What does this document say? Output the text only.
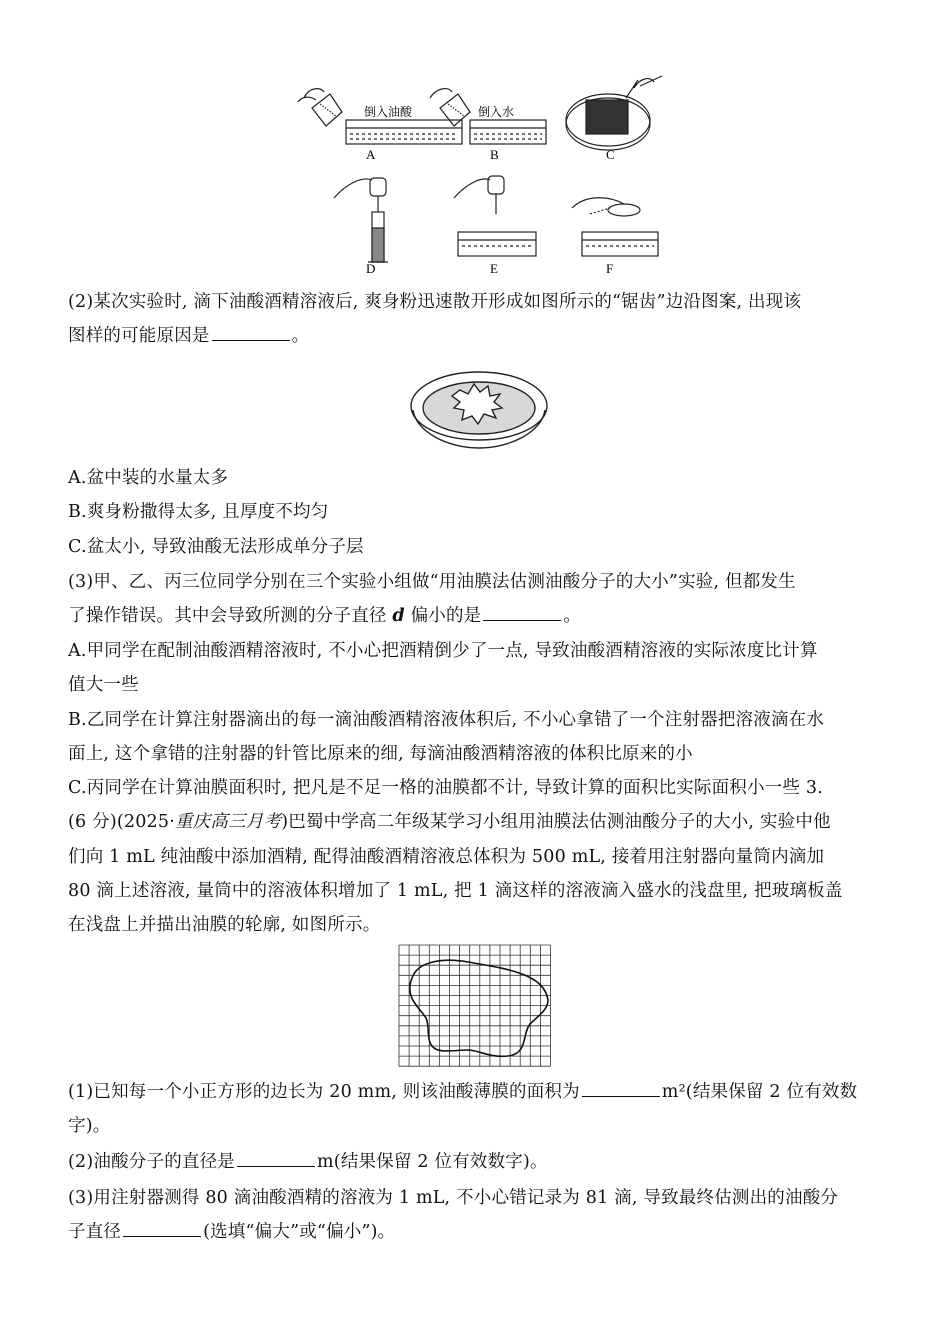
倒入油酸	倒入水
A	B	C
D	E	F
(2)某次实验时, 滴下油酸酒精溶液后, 爽身粉迅速散开形成如图所示的“锯齿”边沿图案, 出现该
图样的可能原因是	。
A.盆中装的水量太多
B.爽身粉撒得太多, 且厚度不均匀
C.盆太小, 导致油酸无法形成单分子层
(3)甲、乙、丙三位同学分别在三个实验小组做“用油膜法估测油酸分子的大小”实验, 但都发生
了操作错误。其中会导致所测的分子直径 d 偏小的是	。
A.甲同学在配制油酸酒精溶液时, 不小心把酒精倒少了一点, 导致油酸酒精溶液的实际浓度比计算
值大一些
B.乙同学在计算注射器滴出的每一滴油酸酒精溶液体积后, 不小心拿错了一个注射器把溶液滴在水
面上, 这个拿错的注射器的针管比原来的细, 每滴油酸酒精溶液的体积比原来的小
C.丙同学在计算油膜面积时, 把凡是不足一格的油膜都不计, 导致计算的面积比实际面积小一些 3.
(6 分)(2025·重庆高三月考)巴蜀中学高二年级某学习小组用油膜法估测油酸分子的大小, 实验中他
们向 1 mL 纯油酸中添加酒精, 配得油酸酒精溶液总体积为 500 mL, 接着用注射器向量筒内滴加
80 滴上述溶液, 量筒中的溶液体积增加了 1 mL, 把 1 滴这样的溶液滴入盛水的浅盘里, 把玻璃板盖
在浅盘上并描出油膜的轮廓, 如图所示。
(1)已知每一个小正方形的边长为 20 mm, 则该油酸薄膜的面积为	m²(结果保留 2 位有效数
字)。
(2)油酸分子的直径是	m(结果保留 2 位有效数字)。
(3)用注射器测得 80 滴油酸酒精的溶液为 1 mL, 不小心错记录为 81 滴, 导致最终估测出的油酸分
子直径	(选填“偏大”或“偏小”)。
